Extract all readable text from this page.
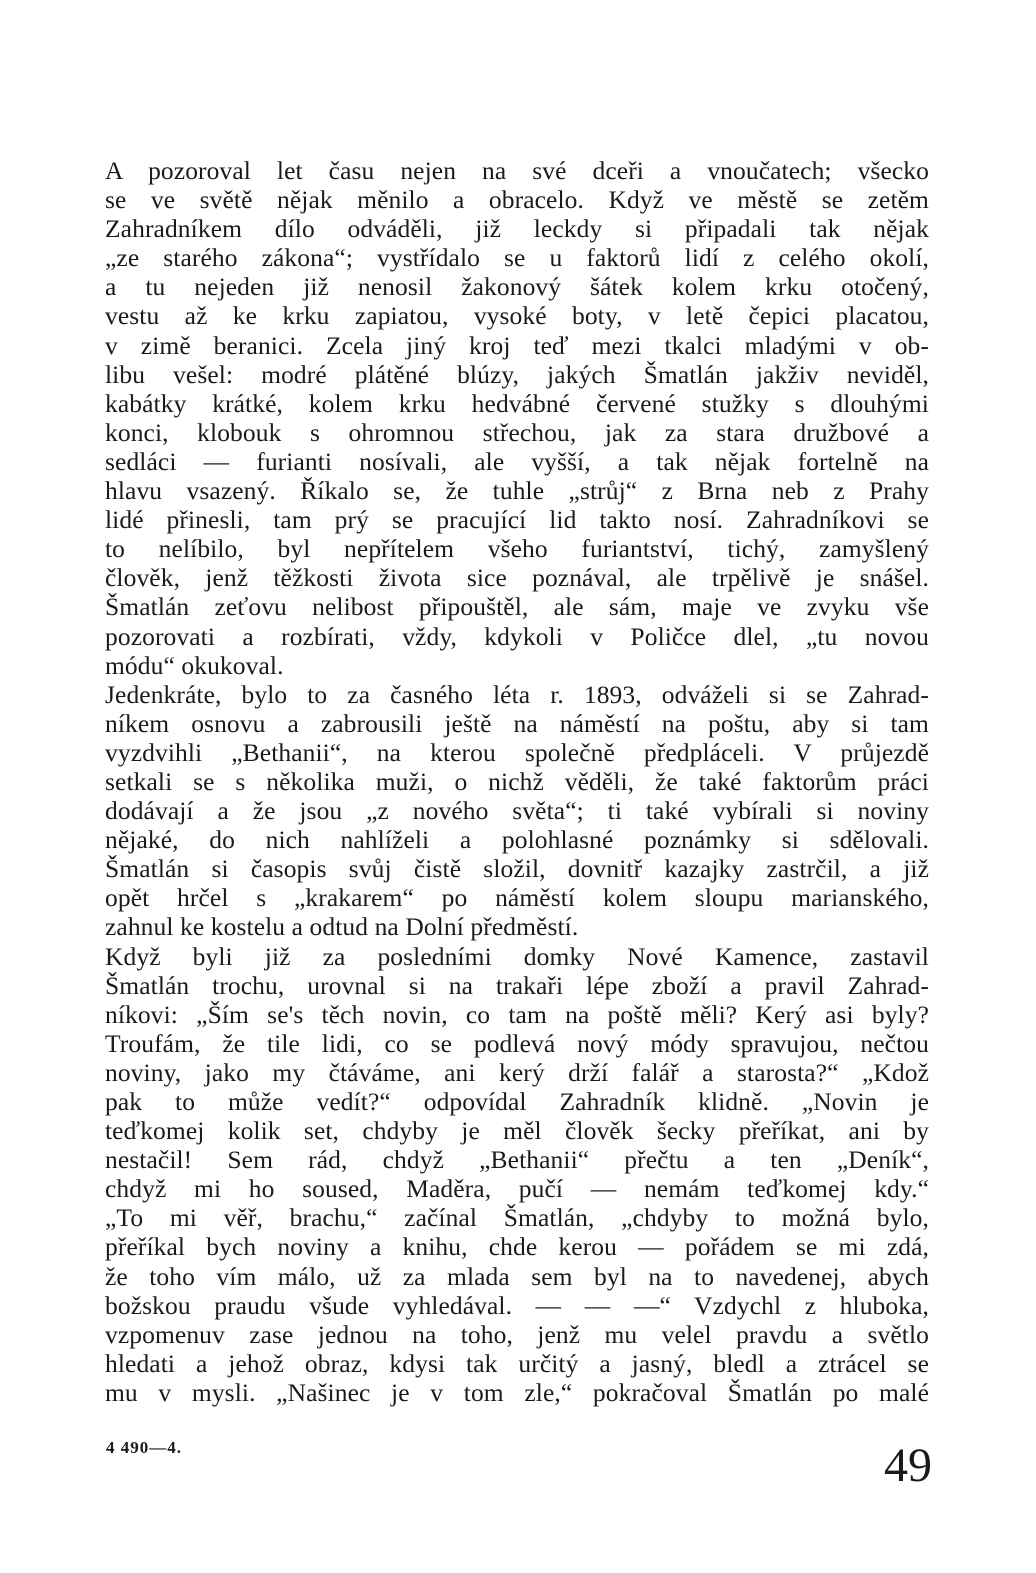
A pozoroval let času nejen na své dceři a vnoučatech; všecko
se ve světě nějak měnilo a obracelo. Když ve městě se zetěm
Zahradníkem dílo odváděli, již leckdy si připadali tak nějak
„ze starého zákona“; vystřídalo se u faktorů lidí z celého okolí,
a tu nejeden již nenosil žakonový šátek kolem krku otočený,
vestu až ke krku zapiatou, vysoké boty, v letě čepici placatou,
v zimě beranici. Zcela jiný kroj teď mezi tkalci mladými v ob-
libu vešel: modré plátěné blúzy, jakých Šmatlán jakživ neviděl,
kabátky krátké, kolem krku hedvábné červené stužky s dlouhými
konci, klobouk s ohromnou střechou, jak za stara družbové a
sedláci — furianti nosívali, ale vyšší, a tak nějak fortelně na
hlavu vsazený. Říkalo se, že tuhle „strůj“ z Brna neb z Prahy
lidé přinesli, tam prý se pracující lid takto nosí. Zahradníkovi se
to nelíbilo, byl nepřítelem všeho furiantství, tichý, zamyšlený
člověk, jenž těžkosti života sice poznával, ale trpělivě je snášel.
Šmatlán zeťovu nelibost připouštěl, ale sám, maje ve zvyku vše
pozorovati a rozbírati, vždy, kdykoli v Poličce dlel, „tu novou
módu“ okukoval.
Jedenkráte, bylo to za časného léta r. 1893, odváželi si se Zahrad-
níkem osnovu a zabrousili ještě na náměstí na poštu, aby si tam
vyzdvihli „Bethanii“, na kterou společně předpláceli. V průjezdě
setkali se s několika muži, o nichž věděli, že také faktorům práci
dodávají a že jsou „z nového světa“; ti také vybírali si noviny
nějaké, do nich nahlíželi a polohlasné poznámky si sdělovali.
Šmatlán si časopis svůj čistě složil, dovnitř kazajky zastrčil, a již
opět hrčel s „krakarem“ po náměstí kolem sloupu marianského,
zahnul ke kostelu a odtud na Dolní předměstí.
Když byli již za posledními domky Nové Kamence, zastavil
Šmatlán trochu, urovnal si na trakaři lépe zboží a pravil Zahrad-
níkovi: „Ším se's těch novin, co tam na poště měli? Kerý asi byly?
Troufám, že tile lidi, co se podlevá nový módy spravujou, nečtou
noviny, jako my čtáváme, ani kerý drží falář a starosta?“ „Kdož
pak to může vedít?“ odpovídal Zahradník klidně. „Novin je
teďkomej kolik set, chdyby je měl člověk šecky přeříkat, ani by
nestačil! Sem rád, chdyž „Bethanii“ přečtu a ten „Deník“,
chdyž mi ho soused, Maděra, pučí — nemám teďkomej kdy.“
„To mi věř, brachu,“ začínal Šmatlán, „chdyby to možná bylo,
přeříkal bych noviny a knihu, chde kerou — pořádem se mi zdá,
že toho vím málo, už za mlada sem byl na to navedenej, abych
božskou praudu všude vyhledával. — — —“ Vzdychl z hluboka,
vzpomenuv zase jednou na toho, jenž mu velel pravdu a světlo
hledati a jehož obraz, kdysi tak určitý a jasný, bledl a ztrácel se
mu v mysli. „Našinec je v tom zle,“ pokračoval Šmatlán po malé
4 490—4.	49
